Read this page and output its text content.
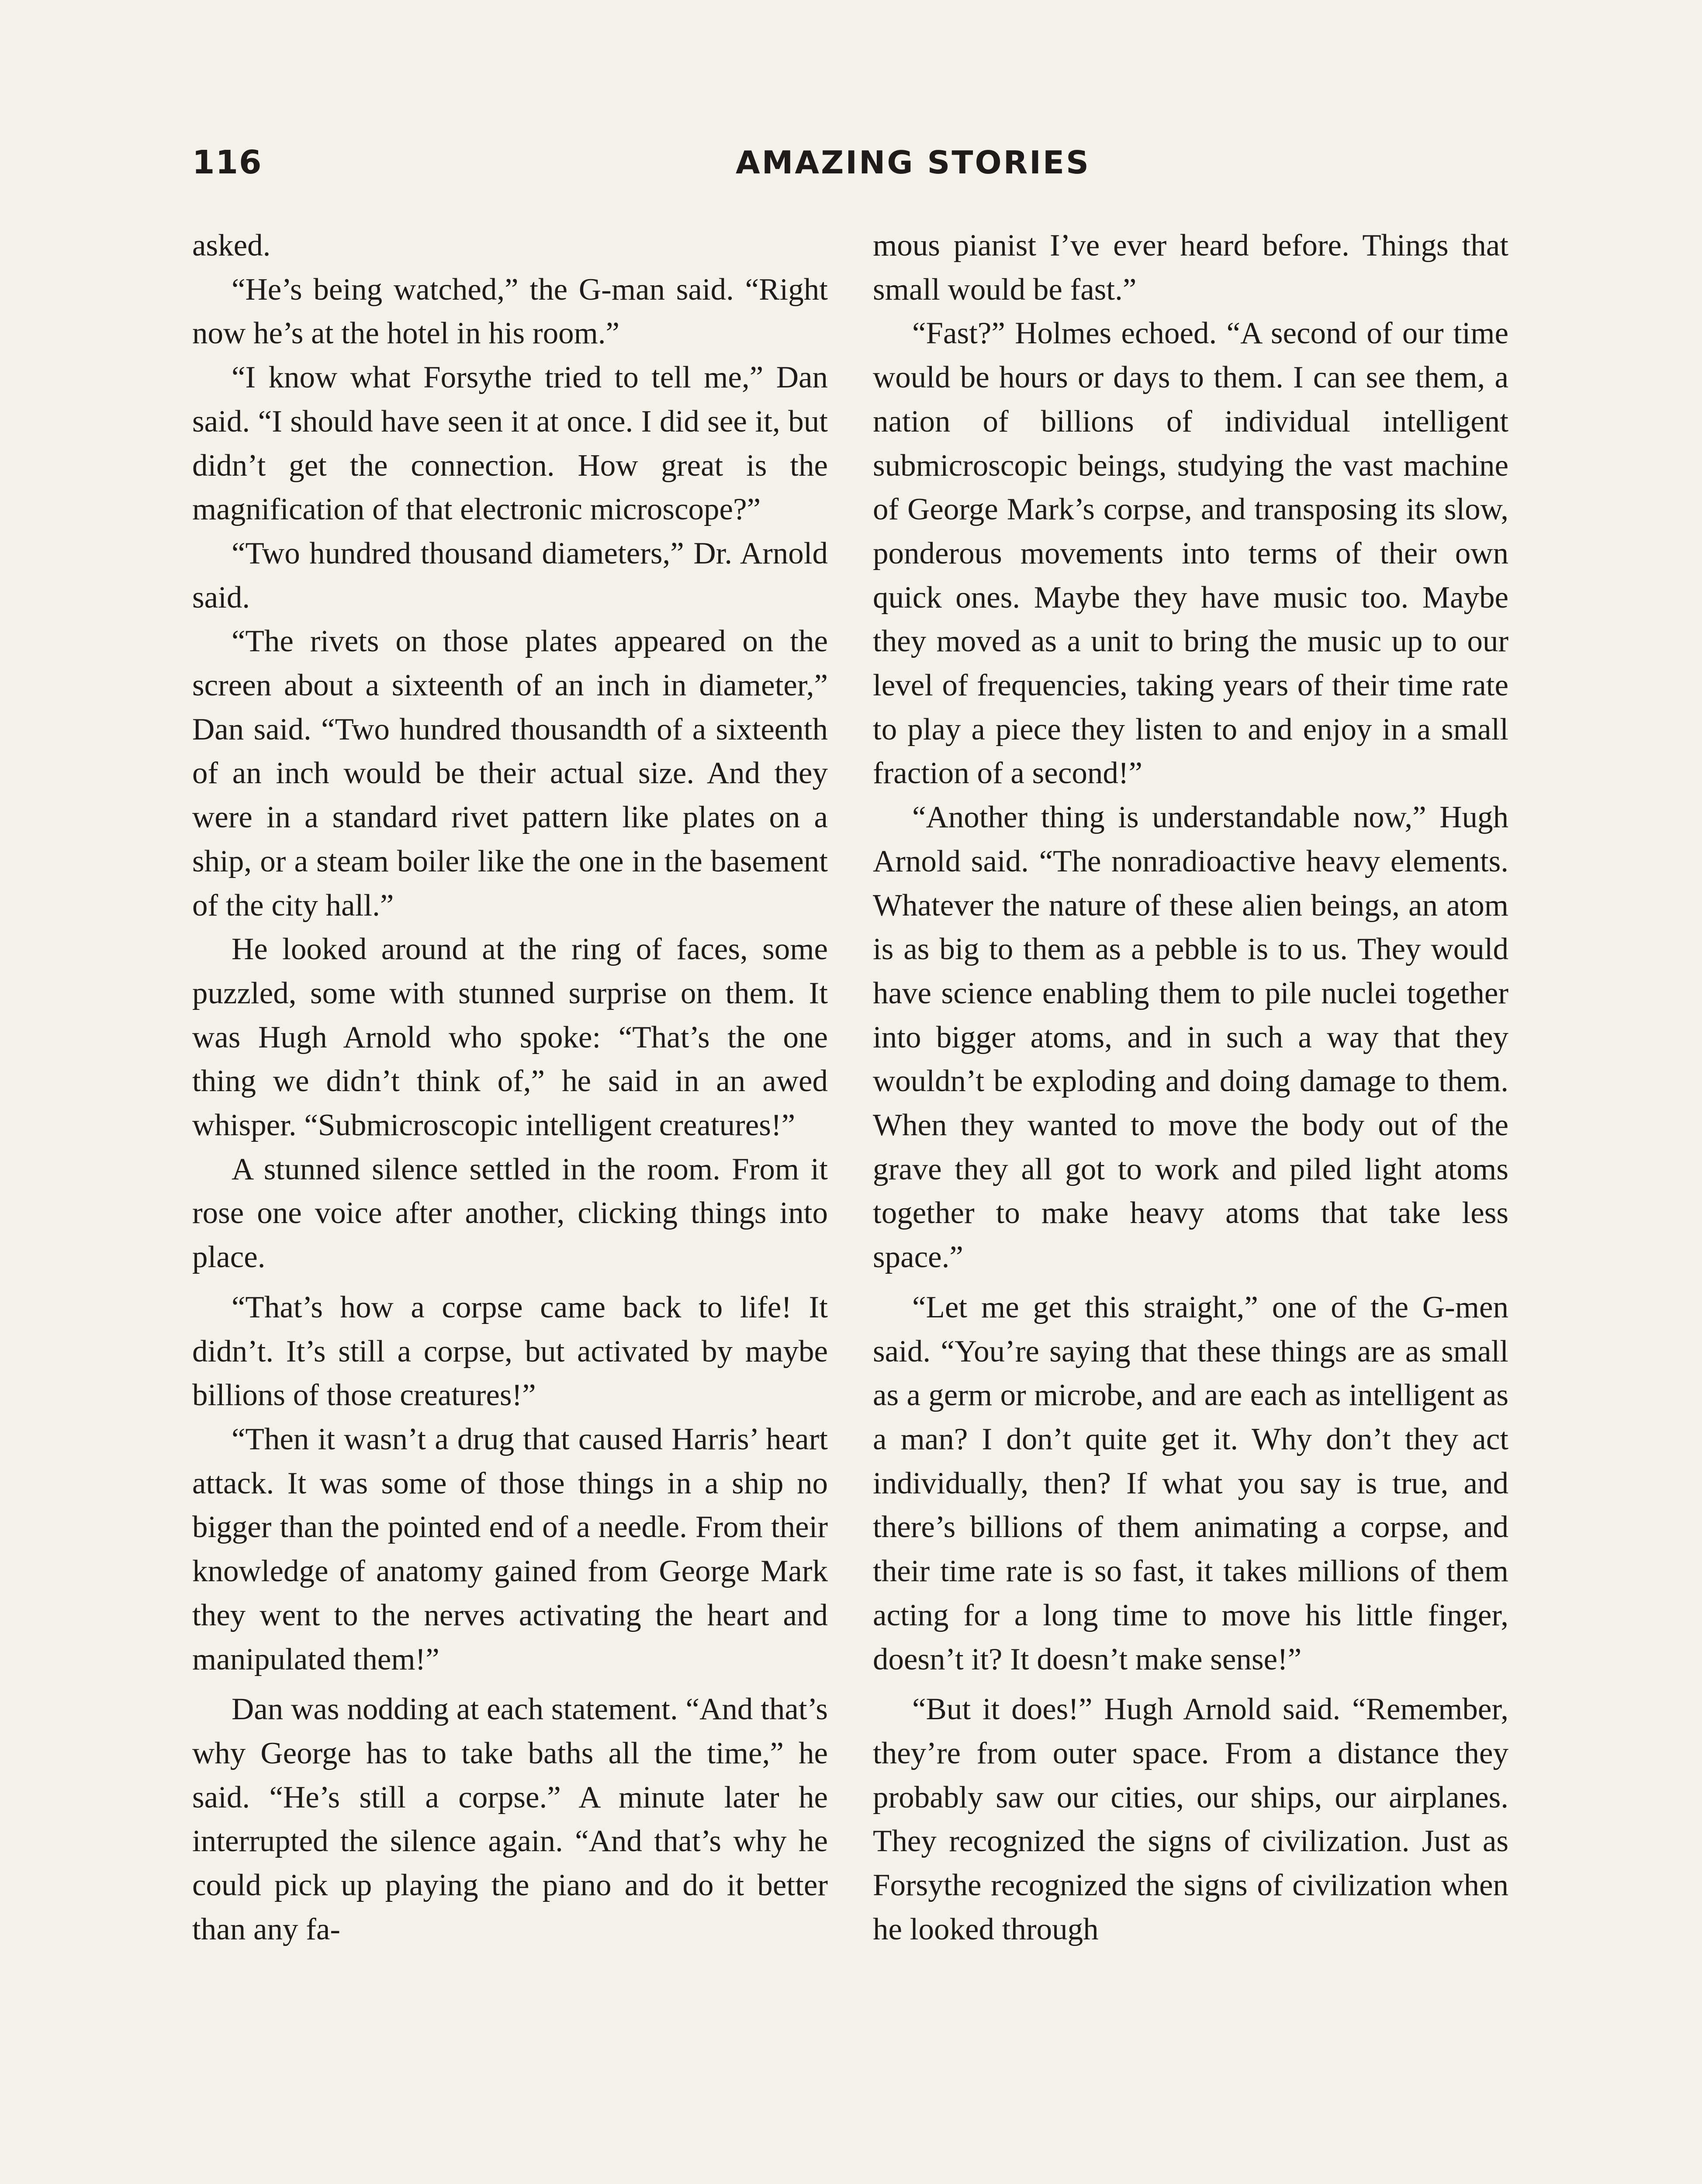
116	AMAZING STORIES

asked.

“He’s being watched,” the G-man said. “Right now he’s at the hotel in his room.”

“I know what Forsythe tried to tell me,” Dan said. “I should have seen it at once. I did see it, but didn’t get the connection. How great is the magnification of that electronic microscope?”

“Two hundred thousand diameters,” Dr. Arnold said.

“The rivets on those plates appeared on the screen about a sixteenth of an inch in diameter,” Dan said. “Two hundred thousandth of a sixteenth of an inch would be their actual size. And they were in a standard rivet pattern like plates on a ship, or a steam boiler like the one in the basement of the city hall.”

He looked around at the ring of faces, some puzzled, some with stunned surprise on them. It was Hugh Arnold who spoke: “That’s the one thing we didn’t think of,” he said in an awed whisper. “Submicroscopic intelligent creatures!”

A stunned silence settled in the room. From it rose one voice after another, clicking things into place.

“That’s how a corpse came back to life! It didn’t. It’s still a corpse, but activated by maybe billions of those creatures!”

“Then it wasn’t a drug that caused Harris’ heart attack. It was some of those things in a ship no bigger than the pointed end of a needle. From their knowledge of anatomy gained from George Mark they went to the nerves activating the heart and manipulated them!”

Dan was nodding at each statement. “And that’s why George has to take baths all the time,” he said. “He’s still a corpse.” A minute later he interrupted the silence again. “And that’s why he could pick up playing the piano and do it better than any fa-

mous pianist I’ve ever heard before. Things that small would be fast.”

“Fast?” Holmes echoed. “A second of our time would be hours or days to them. I can see them, a nation of billions of individual intelligent submicroscopic beings, studying the vast machine of George Mark’s corpse, and transposing its slow, ponderous movements into terms of their own quick ones. Maybe they have music too. Maybe they moved as a unit to bring the music up to our level of frequencies, taking years of their time rate to play a piece they listen to and enjoy in a small fraction of a second!”

“Another thing is understandable now,” Hugh Arnold said. “The nonradioactive heavy elements. Whatever the nature of these alien beings, an atom is as big to them as a pebble is to us. They would have science enabling them to pile nuclei together into bigger atoms, and in such a way that they wouldn’t be exploding and doing damage to them. When they wanted to move the body out of the grave they all got to work and piled light atoms together to make heavy atoms that take less space.”

“Let me get this straight,” one of the G-men said. “You’re saying that these things are as small as a germ or microbe, and are each as intelligent as a man? I don’t quite get it. Why don’t they act individually, then? If what you say is true, and there’s billions of them animating a corpse, and their time rate is so fast, it takes millions of them acting for a long time to move his little finger, doesn’t it? It doesn’t make sense!”

“But it does!” Hugh Arnold said. “Remember, they’re from outer space. From a distance they probably saw our cities, our ships, our airplanes. They recognized the signs of civilization. Just as Forsythe recognized the signs of civilization when he looked through
